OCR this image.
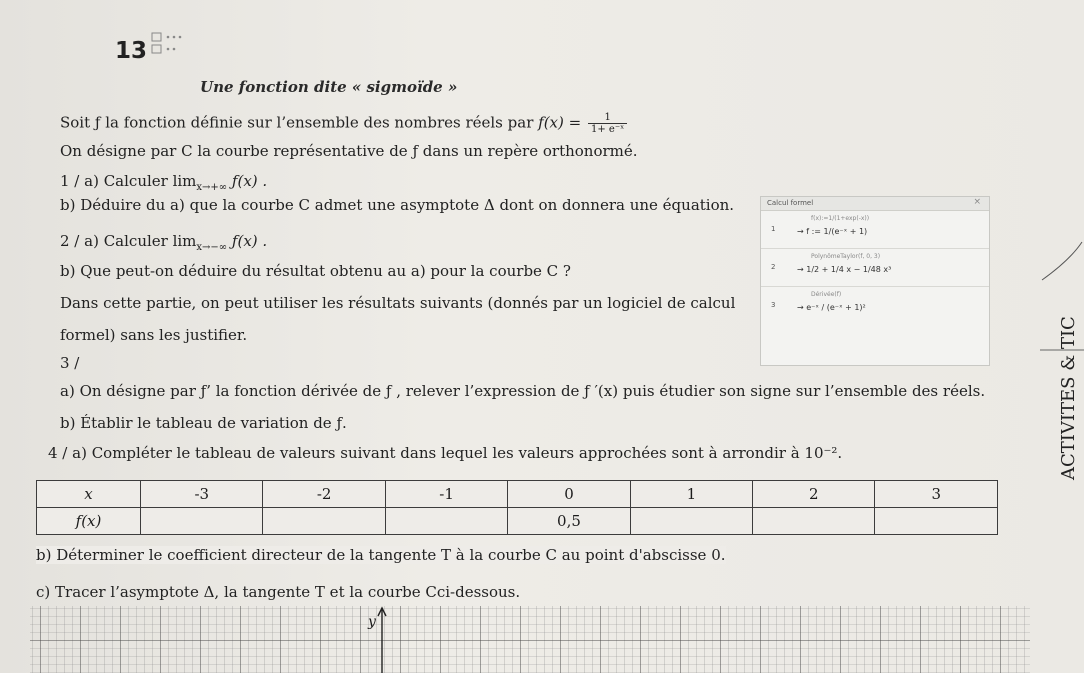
13
Une fonction dite « sigmoïde »
Soit ƒ la fonction définie sur l’ensemble des nombres réels par $f(x) = \frac{1}{\text{1+ e⁻ˣ}}$
On désigne par C la courbe représentative de ƒ dans un repère orthonormé.
1 / a) Calculer $\lim_{x\to+\infty}$ ƒ(x) .
b) Déduire du a) que la courbe C admet une asymptote Δ dont on donnera une équation.
2 / a) Calculer $\lim_{x\to-\infty}$ ƒ(x) .
b) Que peut-on déduire du résultat obtenu au a) pour la courbe C ?
Dans cette partie, on peut utiliser les résultats suivants (donnés par un logiciel de calcul
formel) sans les justifier.
3 /
Calcul formel	×
1
f(x):=1/(1+exp(-x))
→ f := 1/(e⁻ˣ + 1)
2
PolynômeTaylor(f, 0, 3)
→ 1/2 + 1/4 x − 1/48 x³
3
Dérivée(f)
→ e⁻ˣ / (e⁻ˣ + 1)²
a) On désigne par ƒ’ la fonction dérivée de ƒ , relever l’expression de ƒ ′(x) puis étudier son signe sur l’ensemble des réels.
b) Établir le tableau de variation de ƒ.
4 / a) Compléter le tableau de valeurs suivant dans lequel les valeurs approchées sont à arrondir à 10⁻².
x	-3	-2	-1	0	1	2	3
f(x)				0,5			
b) Déterminer le coefficient directeur de la tangente T à la courbe C au point d'abscisse 0.
c) Tracer l’asymptote Δ, la tangente T et la courbe Cci-dessous.
ACTIVITES & TIC
y
